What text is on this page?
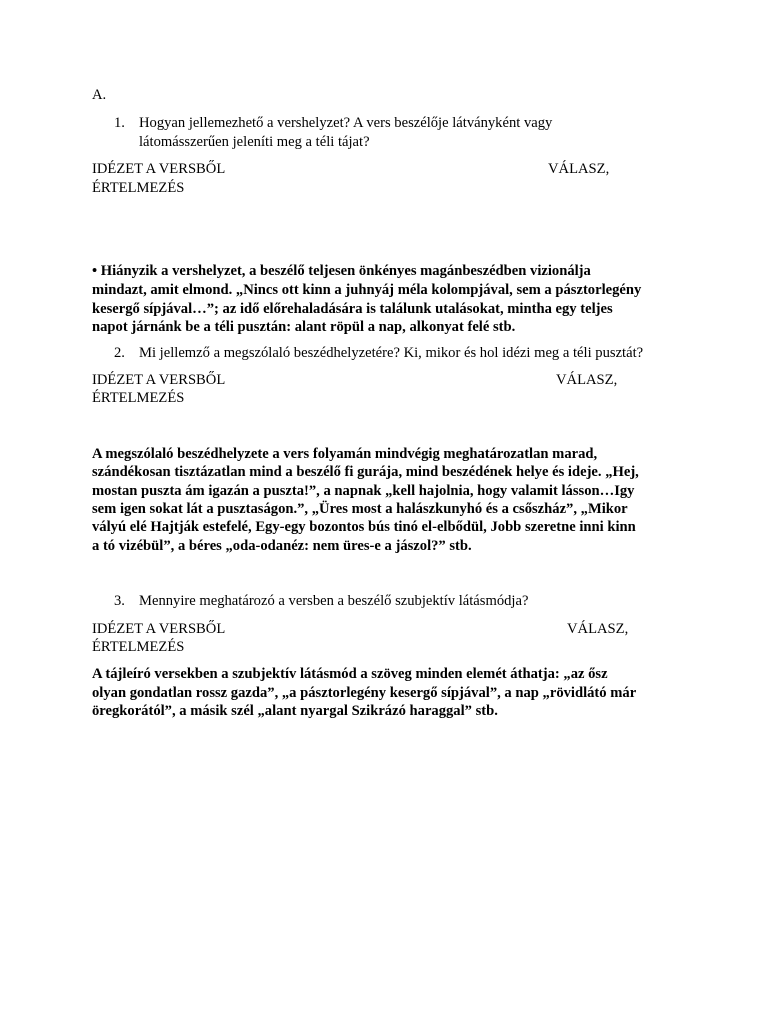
A.

1. Hogyan jellemezhető a vershelyzet? A vers beszélője látványként vagy

látomásszerűen jeleníti meg a téli tájat?

IDÉZET A VERSBŐL	VÁLASZ,

ÉRTELMEZÉS

• Hiányzik a vershelyzet, a beszélő teljesen önkényes magánbeszédben vizionálja

mindazt, amit elmond. „Nincs ott kinn a juhnyáj méla kolompjával, sem a pásztorlegény

kesergő sípjával…”; az idő előrehaladására is találunk utalásokat, mintha egy teljes

napot járnánk be a téli pusztán: alant röpül a nap, alkonyat felé stb.

2. Mi jellemző a megszólaló beszédhelyzetére? Ki, mikor és hol idézi meg a téli pusztát?

IDÉZET A VERSBŐL	VÁLASZ,

ÉRTELMEZÉS

A megszólaló beszédhelyzete a vers folyamán mindvégig meghatározatlan marad,

szándékosan tisztázatlan mind a beszélő fi gurája, mind beszédének helye és ideje. „Hej,

mostan puszta ám igazán a puszta!”, a napnak „kell hajolnia, hogy valamit lásson…Igy

sem igen sokat lát a pusztaságon.”, „Üres most a halászkunyhó és a csőszház”, „Mikor

vályú elé Hajtják estefelé, Egy-egy bozontos bús tinó el-elbődül, Jobb szeretne inni kinn

a tó vizébül”, a béres „oda-odanéz: nem üres-e a jászol?” stb.

3. Mennyire meghatározó a versben a beszélő szubjektív látásmódja?

IDÉZET A VERSBŐL	VÁLASZ,

ÉRTELMEZÉS

A tájleíró versekben a szubjektív látásmód a szöveg minden elemét áthatja: „az ősz

olyan gondatlan rossz gazda”, „a pásztorlegény kesergő sípjával”, a nap „rövidlátó már

öregkorától”, a másik szél „alant nyargal Szikrázó haraggal” stb.
